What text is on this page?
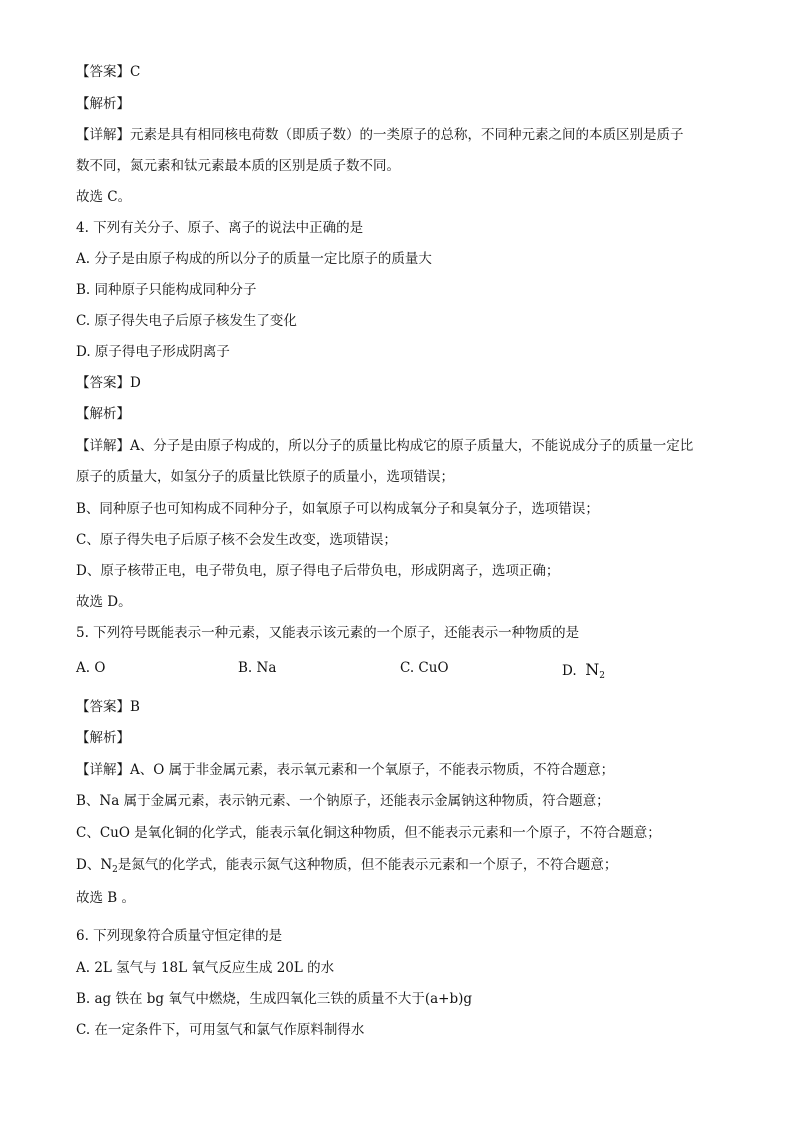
【答案】C
【解析】
【详解】元素是具有相同核电荷数（即质子数）的一类原子的总称，不同种元素之间的本质区别是质子
数不同，氮元素和钛元素最本质的区别是质子数不同。
故选 C。
4. 下列有关分子、原子、离子的说法中正确的是
A. 分子是由原子构成的所以分子的质量一定比原子的质量大
B. 同种原子只能构成同种分子
C. 原子得失电子后原子核发生了变化
D. 原子得电子形成阴离子
【答案】D
【解析】
【详解】A、分子是由原子构成的，所以分子的质量比构成它的原子质量大，不能说成分子的质量一定比
原子的质量大，如氢分子的质量比铁原子的质量小，选项错误；
B、同种原子也可知构成不同种分子，如氧原子可以构成氧分子和臭氧分子，选项错误；
C、原子得失电子后原子核不会发生改变，选项错误；
D、原子核带正电，电子带负电，原子得电子后带负电，形成阴离子，选项正确；
故选 D。
5. 下列符号既能表示一种元素，又能表示该元素的一个原子，还能表示一种物质的是
A. O	B. Na	C. CuO	D. $N_2$
【答案】B
【解析】
【详解】A、O 属于非金属元素，表示氧元素和一个氧原子，不能表示物质，不符合题意；
B、Na 属于金属元素，表示钠元素、一个钠原子，还能表示金属钠这种物质，符合题意；
C、CuO 是氧化铜的化学式，能表示氧化铜这种物质，但不能表示元素和一个原子，不符合题意；
D、$N_2$是氮气的化学式，能表示氮气这种物质，但不能表示元素和一个原子，不符合题意；
故选 B 。
6. 下列现象符合质量守恒定律的是
A. 2L 氢气与 18L 氧气反应生成 20L 的水
B. ag 铁在 bg 氧气中燃烧，生成四氧化三铁的质量不大于(a+b)g
C. 在一定条件下，可用氢气和氯气作原料制得水
